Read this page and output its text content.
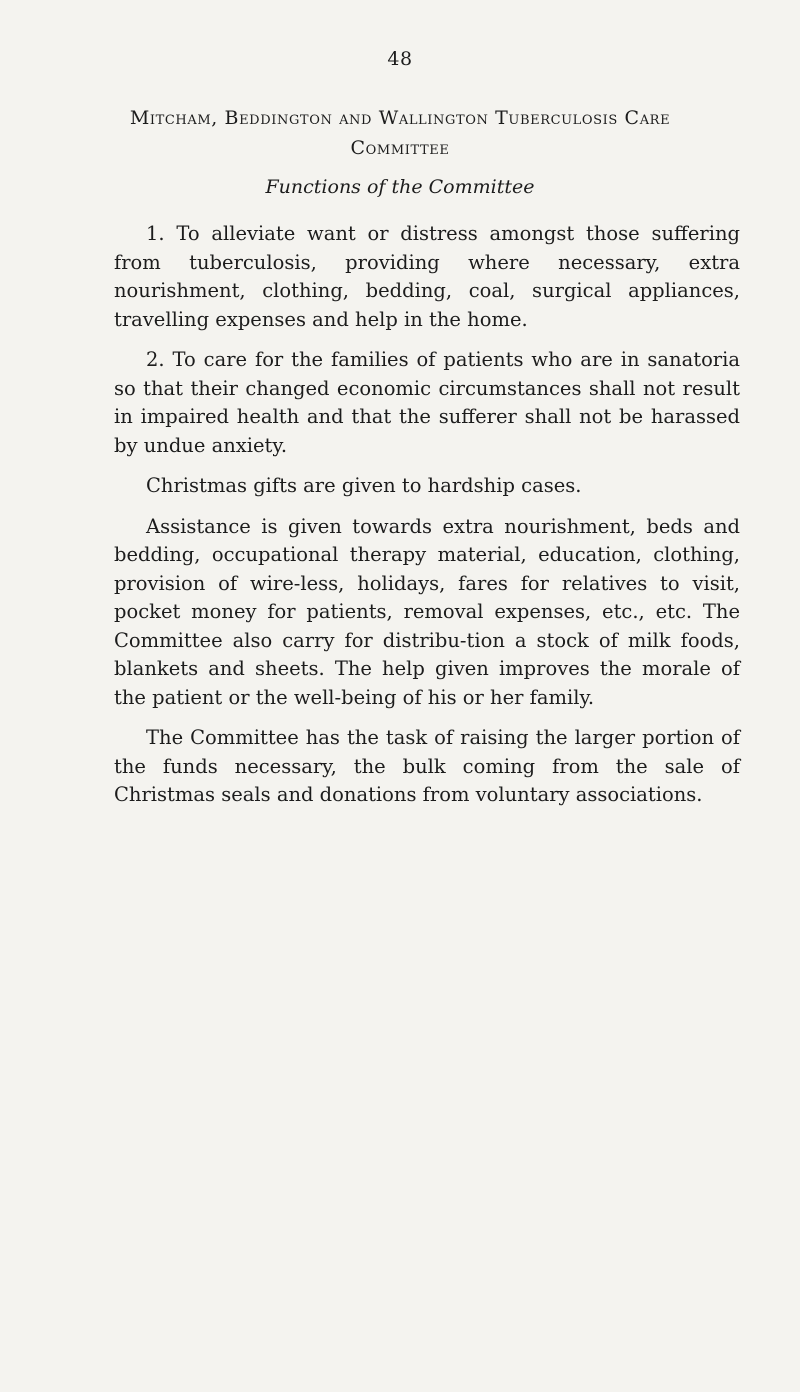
48
Mitcham, Beddington and Wallington Tuberculosis Care Committee
Functions of the Committee

1. To alleviate want or distress amongst those suffering from tuberculosis, providing where necessary, extra nourishment, clothing, bedding, coal, surgical appliances, travelling expenses and help in the home.

2. To care for the families of patients who are in sanatoria so that their changed economic circumstances shall not result in impaired health and that the sufferer shall not be harassed by undue anxiety.

Christmas gifts are given to hardship cases.

Assistance is given towards extra nourishment, beds and bedding, occupational therapy material, education, clothing, provision of wire-less, holidays, fares for relatives to visit, pocket money for patients, removal expenses, etc., etc. The Committee also carry for distribu-tion a stock of milk foods, blankets and sheets. The help given improves the morale of the patient or the well-being of his or her family.

The Committee has the task of raising the larger portion of the funds necessary, the bulk coming from the sale of Christmas seals and donations from voluntary associations.
